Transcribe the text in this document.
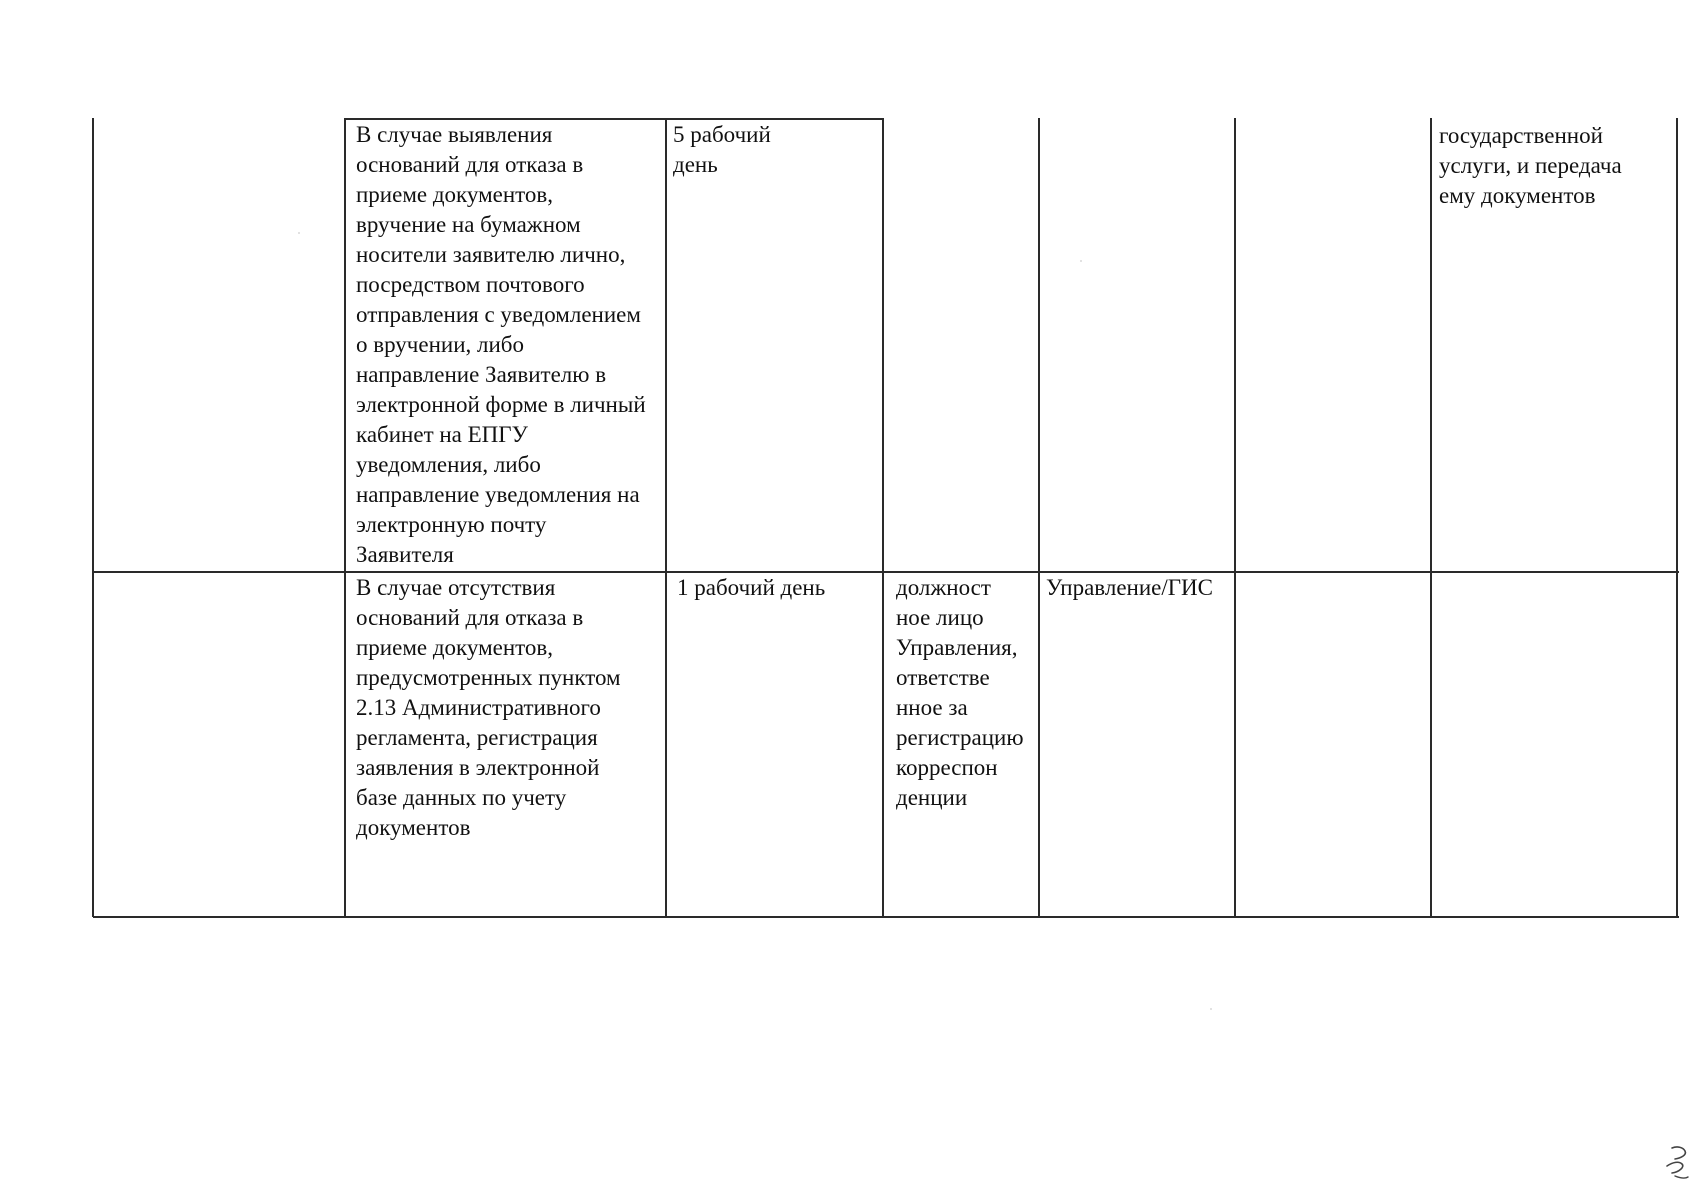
В случае выявления
оснований для отказа в
приеме документов,
вручение на бумажном
носители заявителю лично,
посредством почтового
отправления с уведомлением
о вручении, либо
направление Заявителю в
электронной форме в личный
кабинет на ЕПГУ
уведомления, либо
направление уведомления на
электронную почту
Заявителя

5 рабочий
день

государственной
услуги, и передача
ему документов

В случае отсутствия
оснований для отказа в
приеме документов,
предусмотренных пунктом
2.13 Административного
регламента, регистрация
заявления в электронной
базе данных по учету
документов

1 рабочий день	должност
ное лицо
Управления,
ответстве
нное за
регистрацию
корреспон
денции

Управление/ГИС
